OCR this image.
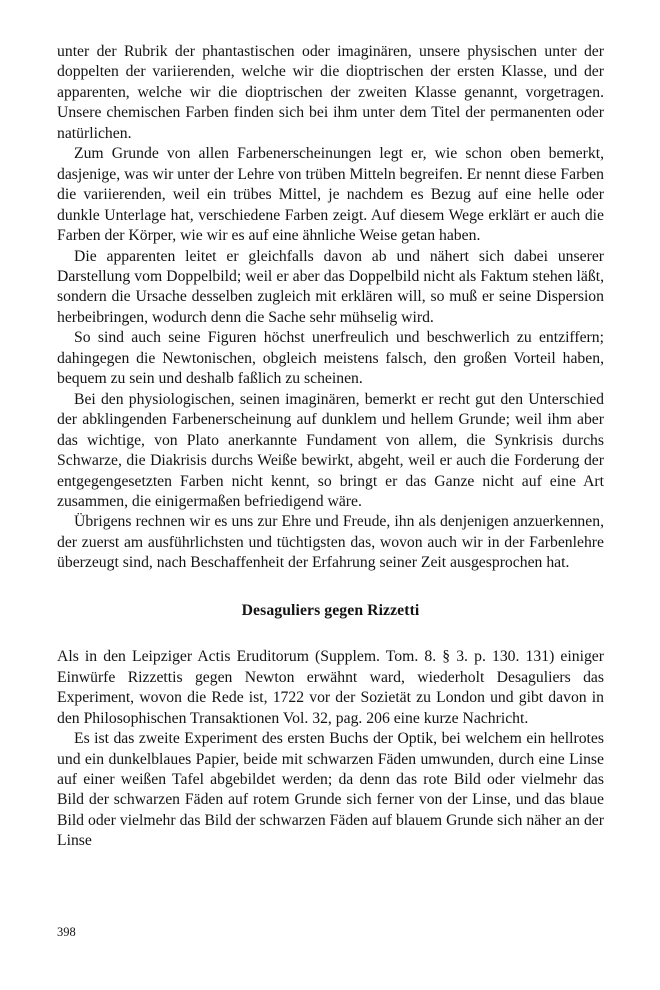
unter der Rubrik der phantastischen oder imaginären, unsere physischen unter der doppelten der variierenden, welche wir die dioptrischen der ersten Klasse, und der apparenten, welche wir die dioptrischen der zweiten Klasse genannt, vorgetragen. Unsere chemischen Farben finden sich bei ihm unter dem Titel der permanenten oder natürlichen.

Zum Grunde von allen Farbenerscheinungen legt er, wie schon oben bemerkt, dasjenige, was wir unter der Lehre von trüben Mitteln begreifen. Er nennt diese Farben die variierenden, weil ein trübes Mittel, je nachdem es Bezug auf eine helle oder dunkle Unterlage hat, verschiedene Farben zeigt. Auf diesem Wege erklärt er auch die Farben der Körper, wie wir es auf eine ähnliche Weise getan haben.

Die apparenten leitet er gleichfalls davon ab und nähert sich dabei unserer Darstellung vom Doppelbild; weil er aber das Doppelbild nicht als Faktum stehen läßt, sondern die Ursache desselben zugleich mit erklären will, so muß er seine Dispersion herbeibringen, wodurch denn die Sache sehr mühselig wird.

So sind auch seine Figuren höchst unerfreulich und beschwerlich zu entziffern; dahingegen die Newtonischen, obgleich meistens falsch, den großen Vorteil haben, bequem zu sein und deshalb faßlich zu scheinen.

Bei den physiologischen, seinen imaginären, bemerkt er recht gut den Unterschied der abklingenden Farbenerscheinung auf dunklem und hellem Grunde; weil ihm aber das wichtige, von Plato anerkannte Fundament von allem, die Synkrisis durchs Schwarze, die Diakrisis durchs Weiße bewirkt, abgeht, weil er auch die Forderung der entgegengesetzten Farben nicht kennt, so bringt er das Ganze nicht auf eine Art zusammen, die einigermaßen befriedigend wäre.

Übrigens rechnen wir es uns zur Ehre und Freude, ihn als denjenigen anzuerkennen, der zuerst am ausführlichsten und tüchtigsten das, wovon auch wir in der Farbenlehre überzeugt sind, nach Beschaffenheit der Erfahrung seiner Zeit ausgesprochen hat.

Desaguliers gegen Rizzetti

Als in den Leipziger Actis Eruditorum (Supplem. Tom. 8. § 3. p. 130. 131) einiger Einwürfe Rizzettis gegen Newton erwähnt ward, wiederholt Desaguliers das Experiment, wovon die Rede ist, 1722 vor der Sozietät zu London und gibt davon in den Philosophischen Transaktionen Vol. 32, pag. 206 eine kurze Nachricht.

Es ist das zweite Experiment des ersten Buchs der Optik, bei welchem ein hellrotes und ein dunkelblaues Papier, beide mit schwarzen Fäden umwunden, durch eine Linse auf einer weißen Tafel abgebildet werden; da denn das rote Bild oder vielmehr das Bild der schwarzen Fäden auf rotem Grunde sich ferner von der Linse, und das blaue Bild oder vielmehr das Bild der schwarzen Fäden auf blauem Grunde sich näher an der Linse

398
